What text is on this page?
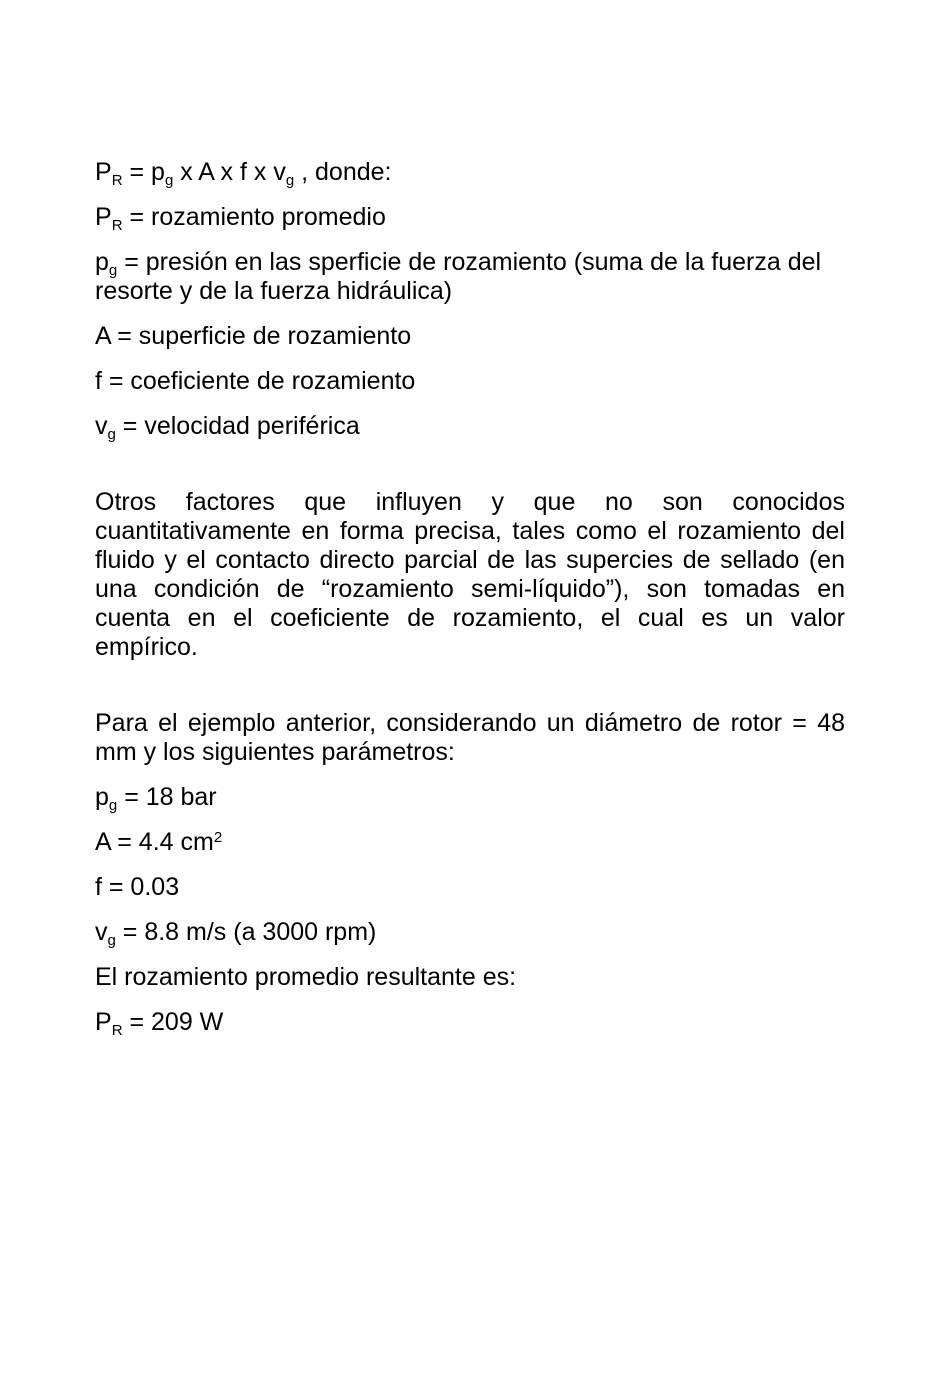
$P_R = p_g$ x A x f x $v_g$ , donde:

$P_R$ = rozamiento promedio

$p_g$ = presión en las sperficie de rozamiento (suma de la fuerza del resorte y de la fuerza hidráulica)

A = superficie de rozamiento

f = coeficiente de rozamiento

$v_g$ = velocidad periférica

Otros factores que influyen y que no son conocidos cuantitativamente en forma precisa, tales como el rozamiento del fluido y el contacto directo parcial de las supercies de sellado (en una condición de “rozamiento semi-líquido”), son tomadas en cuenta en el coeficiente de rozamiento, el cual es un valor empírico.

Para el ejemplo anterior, considerando un diámetro de rotor = 48 mm y los siguientes parámetros:

$p_g = 18$ bar

A = 4.4 $cm^2$

f = 0.03

$v_g = 8.8$ m/s (a 3000 rpm)

El rozamiento promedio resultante es:

$P_R = 209$ W
